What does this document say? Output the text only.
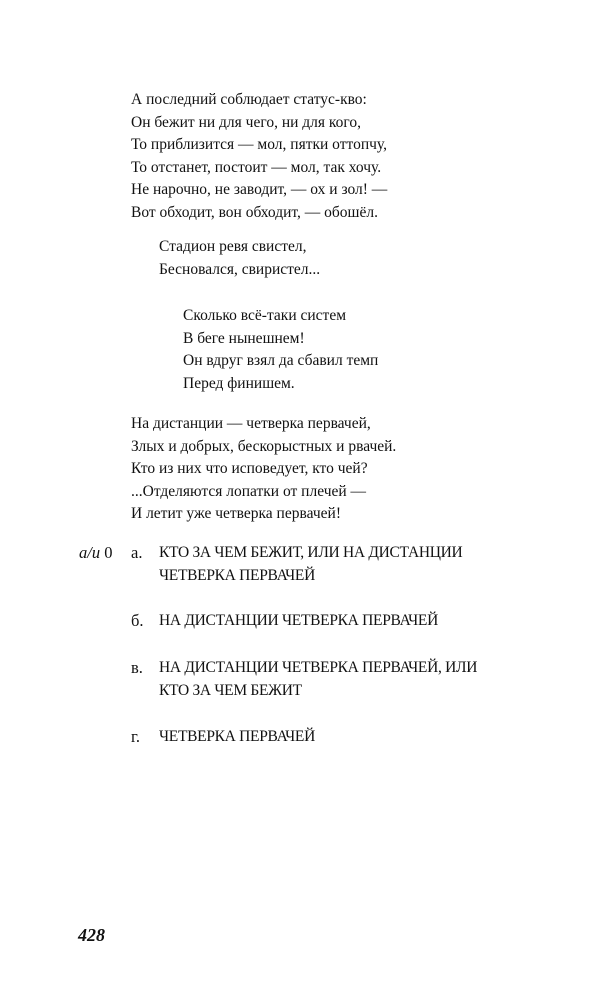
А последний соблюдает статус-кво:
Он бежит ни для чего, ни для кого,
То приблизится — мол, пятки оттопчу,
То отстанет, постоит — мол, так хочу.
Не нарочно, не заводит, — ох и зол! —
Вот обходит, вон обходит, — обошёл.
Стадион ревя свистел,
Бесновался, свиристел...
Сколько всё-таки систем
В беге нынешнем!
Он вдруг взял да сбавил темп
Перед финишем.
На дистанции — четверка первачей,
Злых и добрых, бескорыстных и рвачей.
Кто из них что исповедует, кто чей?
...Отделяются лопатки от плечей —
И летит уже четверка первачей!
а/и 0 а. КТО ЗА ЧЕМ БЕЖИТ, ИЛИ НА ДИСТАНЦИИ
ЧЕТВЕРКА ПЕРВАЧЕЙ
б. НА ДИСТАНЦИИ ЧЕТВЕРКА ПЕРВАЧЕЙ
в. НА ДИСТАНЦИИ ЧЕТВЕРКА ПЕРВАЧЕЙ, ИЛИ
КТО ЗА ЧЕМ БЕЖИТ
г. ЧЕТВЕРКА ПЕРВАЧЕЙ
428
